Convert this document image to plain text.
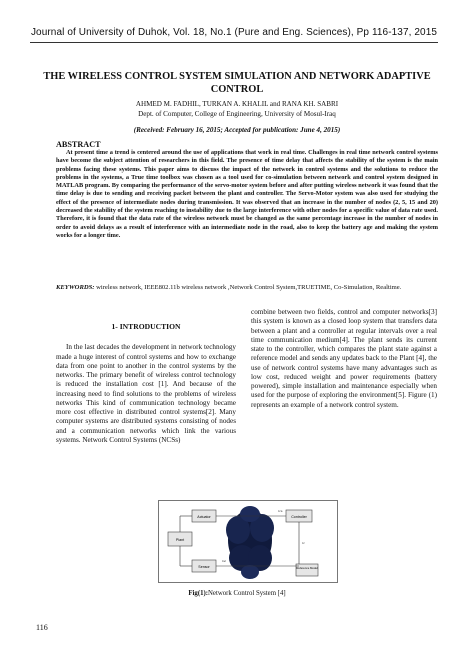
Journal of University of Duhok, Vol. 18, No.1 (Pure and Eng. Sciences), Pp 116-137, 2015
THE WIRELESS CONTROL SYSTEM SIMULATION AND NETWORK ADAPTIVE CONTROL
AHMED M. FADHIL, TURKAN A. KHALIL and RANA KH. SABRI
Dept. of Computer, College of Engineering, University of Mosul-Iraq
(Received: February 16, 2015; Accepted for publication: June 4, 2015)
ABSTRACT
At present time a trend is centered around the use of applications that work in real time. Challenges in real time network control systems have become the subject attention of researchers in this field. The presence of time delay that affects the stability of the system is the main problems facing these systems. This paper aims to discuss the impact of the network in control systems and the solutions to reduce the problems in the systems, a True time toolbox was chosen as a tool used for co-simulation between network and control system designed in MATLAB program. By comparing the performance of the servo-motor system before and after putting wireless network it was found that the time delay is due to sending and receiving packet between the plant and controller. The Servo-Motor system was also used for studying the effect of the presence of intermediate nodes during transmission. It was observed that an increase in the number of nodes (2, 5, 15 and 20) decreased the stability of the system reaching to instability due to the large interference with other nodes for a specific value of data rate used. Therefore, it is found that the data rate of the wireless network must be changed as the same percentage increase in the number of nodes in order to avoid delays as a result of interference with an intermediate node in the road, also to keep the battery age and making the system works for a longer time.
KEYWORDS: wireless network, IEEE802.11b wireless network ,Network Control System,TRUETIME, Co-Simulation, Realtime.
1- INTRODUCTION

In the last decades the development in network technology made a huge interest of control systems and how to exchange data from one point to another in the control systems by the networks. The primary benefit of wireless control technology is reduced the installation cost [1]. And because of the increasing need to find solutions to the problems of wireless networks This kind of communication technology became more cost effective in distributed control systems[2]. Many computer systems are distributed systems consisting of nodes and a communication networks which link the various systems. Network Control Systems (NCSs)

combine between two fields, control and computer networks[3] this system is known as a closed loop system that transfers data between a plant and a controller at regular intervals over a real time communication medium[4]. The plant sends its current state to the controller, which compares the plant state against a reference model and sends any updates back to the Plant [4], the use of network control systems have many advantages such as low cost, reduced weight and power requirements (battery powered), simple installation and maintenance especially when used for the purpose of exploring the environment[5]. Figure (1) represents an example of a network control system.

Actuator	Controller
Plant
Sensor	Reference Model
τca
τsc
τc
Fig(1):Network Control System [4]
116
